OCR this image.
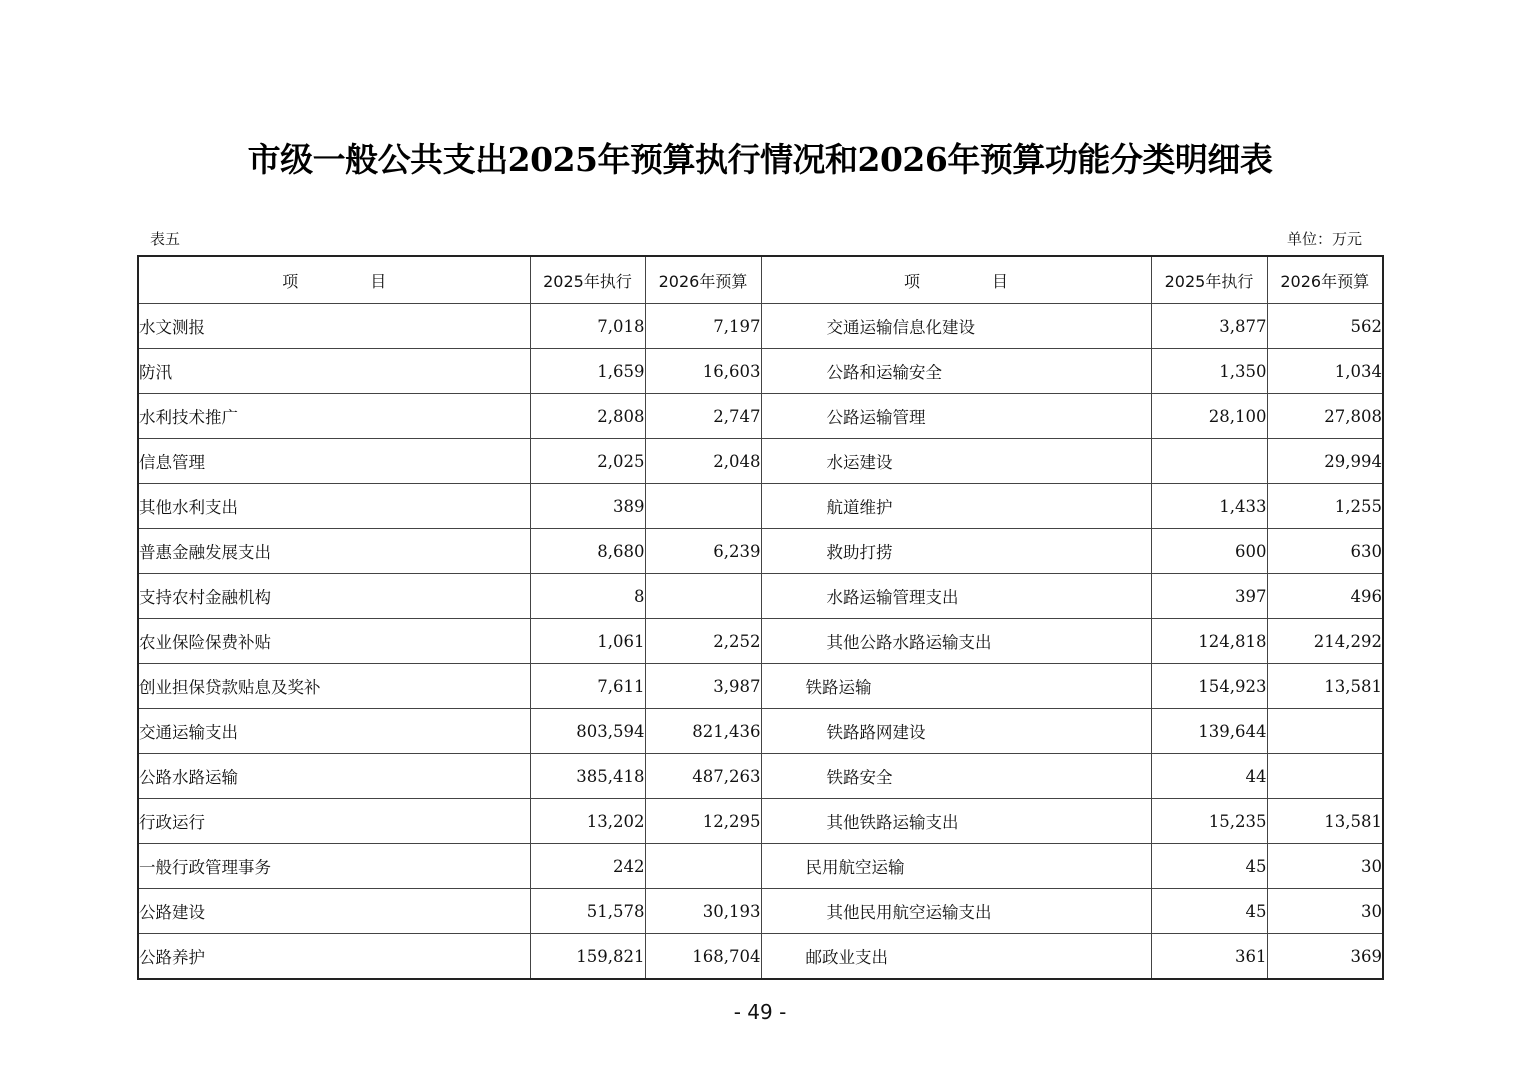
市级一般公共支出2025年预算执行情况和2026年预算功能分类明细表
表五	单位：万元
项 目	2025年执行	2026年预算	项 目	2025年执行	2026年预算
水文测报	7,018	7,197	交通运输信息化建设	3,877	562
防汛	1,659	16,603	公路和运输安全	1,350	1,034
水利技术推广	2,808	2,747	公路运输管理	28,100	27,808
信息管理	2,025	2,048	水运建设		29,994
其他水利支出	389		航道维护	1,433	1,255
普惠金融发展支出	8,680	6,239	救助打捞	600	630
支持农村金融机构	8		水路运输管理支出	397	496
农业保险保费补贴	1,061	2,252	其他公路水路运输支出	124,818	214,292
创业担保贷款贴息及奖补	7,611	3,987	铁路运输	154,923	13,581
交通运输支出	803,594	821,436	铁路路网建设	139,644	
公路水路运输	385,418	487,263	铁路安全	44	
行政运行	13,202	12,295	其他铁路运输支出	15,235	13,581
一般行政管理事务	242		民用航空运输	45	30
公路建设	51,578	30,193	其他民用航空运输支出	45	30
公路养护	159,821	168,704	邮政业支出	361	369
- 49 -
